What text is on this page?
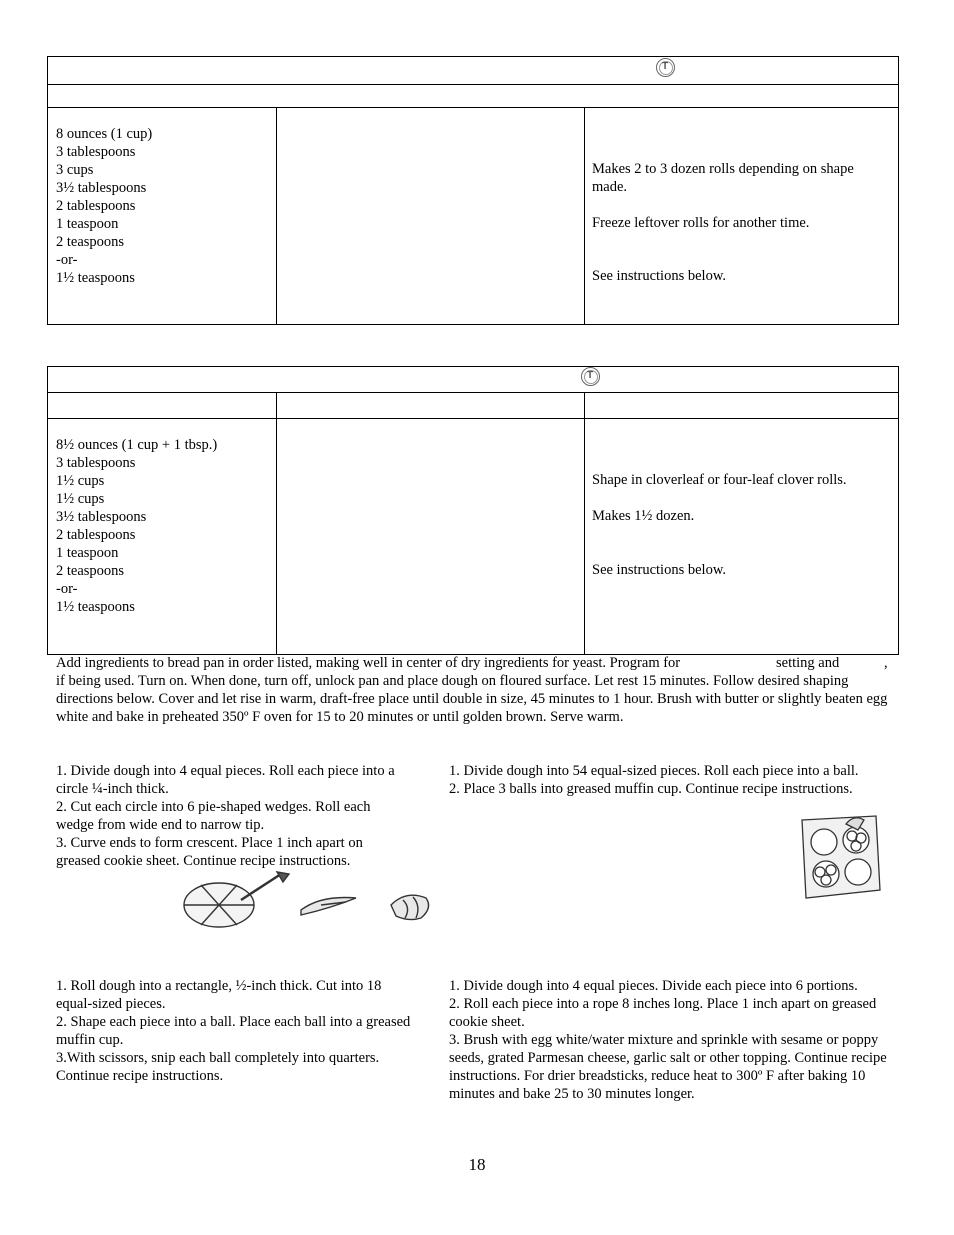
T
8 ounces (1 cup)
3 tablespoons
3 cups
3½ tablespoons
2 tablespoons
1 teaspoon
2 teaspoons
-or-
1½ teaspoons
Makes 2 to 3 dozen rolls depending on shape made.
Freeze leftover rolls for another time.
See instructions below.
T
8½ ounces (1 cup + 1 tbsp.)
3 tablespoons
1½ cups
1½ cups
3½ tablespoons
2 tablespoons
1 teaspoon
2 teaspoons
-or-
1½ teaspoons
Shape in cloverleaf or four-leaf clover rolls.
Makes 1½ dozen.
See instructions below.
Add ingredients to bread pan in order listed, making well in center of dry ingredients for yeast. Program for	setting and	,
if being used. Turn on. When done, turn off, unlock pan and place dough on floured surface. Let rest 15 minutes. Follow desired shaping directions below. Cover and let rise in warm, draft-free place until double in size, 45 minutes to 1 hour. Brush with butter or slightly beaten egg white and bake in preheated 350º F oven for 15 to 20 minutes or until golden brown. Serve warm.

1. Divide dough into 4 equal pieces. Roll each piece into a circle ¼-inch thick.

2. Cut each circle into 6 pie-shaped wedges. Roll each wedge from wide end to narrow tip.

3. Curve ends to form crescent. Place 1 inch apart on greased cookie sheet. Continue recipe instructions.

1. Divide dough into 54 equal-sized pieces. Roll each piece into a ball.

2. Place 3 balls into greased muffin cup. Continue recipe instructions.

1. Roll dough into a rectangle, ½-inch thick. Cut into 18 equal-sized pieces.

2. Shape each piece into a ball. Place each ball into a greased muffin cup.

3.With scissors, snip each ball completely into quarters. Continue recipe instructions.

1. Divide dough into 4 equal pieces. Divide each piece into 6 portions.

2. Roll each piece into a rope 8 inches long. Place 1 inch apart on greased cookie sheet.

3. Brush with egg white/water mixture and sprinkle with sesame or poppy seeds, grated Parmesan cheese, garlic salt or other topping. Continue recipe instructions. For drier breadsticks, reduce heat to 300º F after baking 10 minutes and bake 25 to 30 minutes longer.

18
